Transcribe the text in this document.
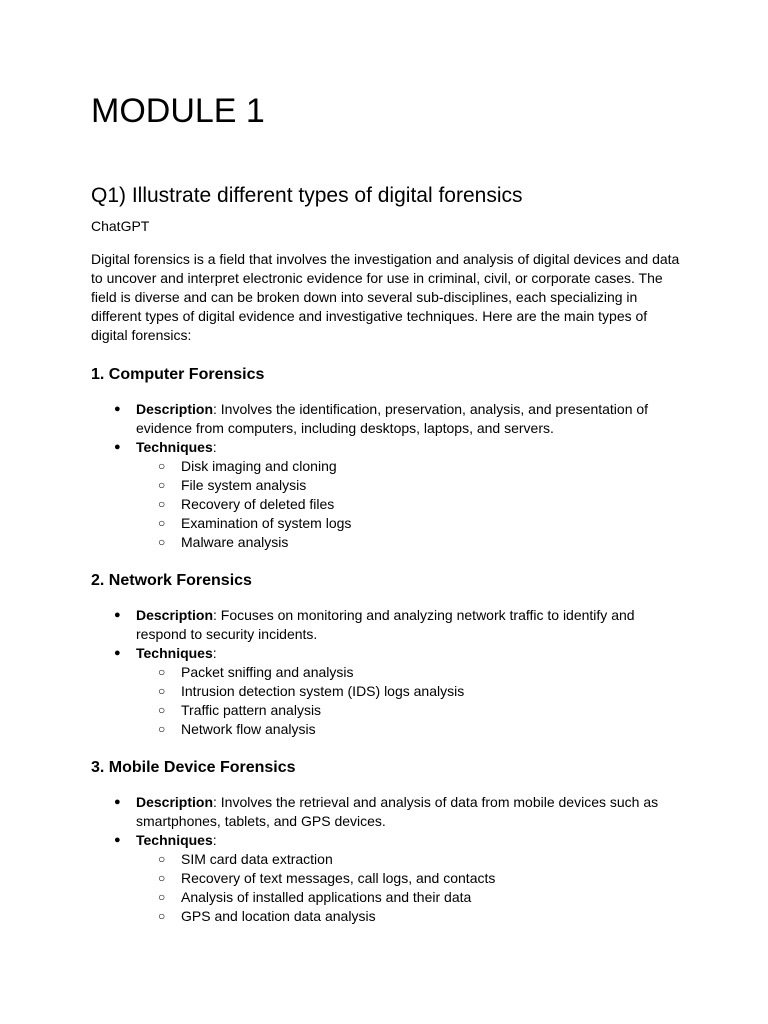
MODULE 1
Q1) Illustrate different types of digital forensics

ChatGPT

Digital forensics is a field that involves the investigation and analysis of digital devices and data
to uncover and interpret electronic evidence for use in criminal, civil, or corporate cases. The
field is diverse and can be broken down into several sub-disciplines, each specializing in
different types of digital evidence and investigative techniques. Here are the main types of
digital forensics:

1. Computer Forensics
● Description: Involves the identification, preservation, analysis, and presentation of
evidence from computers, including desktops, laptops, and servers.
● Techniques:
○ Disk imaging and cloning
○ File system analysis
○ Recovery of deleted files
○ Examination of system logs
○ Malware analysis
2. Network Forensics
● Description: Focuses on monitoring and analyzing network traffic to identify and
respond to security incidents.
● Techniques:
○ Packet sniffing and analysis
○ Intrusion detection system (IDS) logs analysis
○ Traffic pattern analysis
○ Network flow analysis
3. Mobile Device Forensics
● Description: Involves the retrieval and analysis of data from mobile devices such as
smartphones, tablets, and GPS devices.
● Techniques:
○ SIM card data extraction
○ Recovery of text messages, call logs, and contacts
○ Analysis of installed applications and their data
○ GPS and location data analysis
